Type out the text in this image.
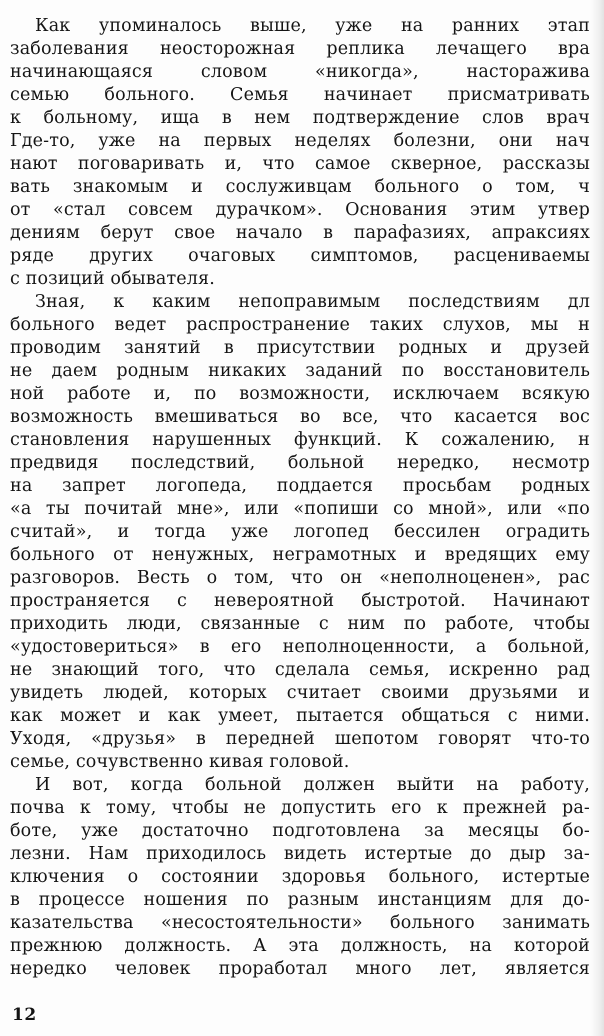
Как упоминалось выше, уже на ранних этап
заболевания неосторожная реплика лечащего вра
начинающаяся словом «никогда», насторажива
семью больного. Семья начинает присматривать
к больному, ища в нем подтверждение слов врач
Где-то, уже на первых неделях болезни, они нач
нают поговаривать и, что самое скверное, рассказы
вать знакомым и сослуживцам больного о том, ч
от «стал совсем дурачком». Основания этим утвер
дениям берут свое начало в парафазиях, апраксиях
ряде других очаговых симптомов, расцениваемы
с позиций обывателя.
Зная, к каким непоправимым последствиям дл
больного ведет распространение таких слухов, мы н
проводим занятий в присутствии родных и друзей
не даем родным никаких заданий по восстановитель
ной работе и, по возможности, исключаем всякую
возможность вмешиваться во все, что касается вос
становления нарушенных функций. К сожалению, н
предвидя последствий, больной нередко, несмотр
на запрет логопеда, поддается просьбам родных
«а ты почитай мне», или «попиши со мной», или «по
считай», и тогда уже логопед бессилен оградить
больного от ненужных, неграмотных и вредящих ему
разговоров. Весть о том, что он «неполноценен», рас
пространяется с невероятной быстротой. Начинают
приходить люди, связанные с ним по работе, чтобы
«удостовериться» в его неполноценности, а больной,
не знающий того, что сделала семья, искренно рад
увидеть людей, которых считает своими друзьями и
как может и как умеет, пытается общаться с ними.
Уходя, «друзья» в передней шепотом говорят что-то
семье, сочувственно кивая головой.
И вот, когда больной должен выйти на работу,
почва к тому, чтобы не допустить его к прежней ра-
боте, уже достаточно подготовлена за месяцы бо-
лезни. Нам приходилось видеть истертые до дыр за-
ключения о состоянии здоровья больного, истертые
в процессе ношения по разным инстанциям для до-
казательства «несостоятельности» больного занимать
прежнюю должность. А эта должность, на которой
нередко человек проработал много лет, является
12
